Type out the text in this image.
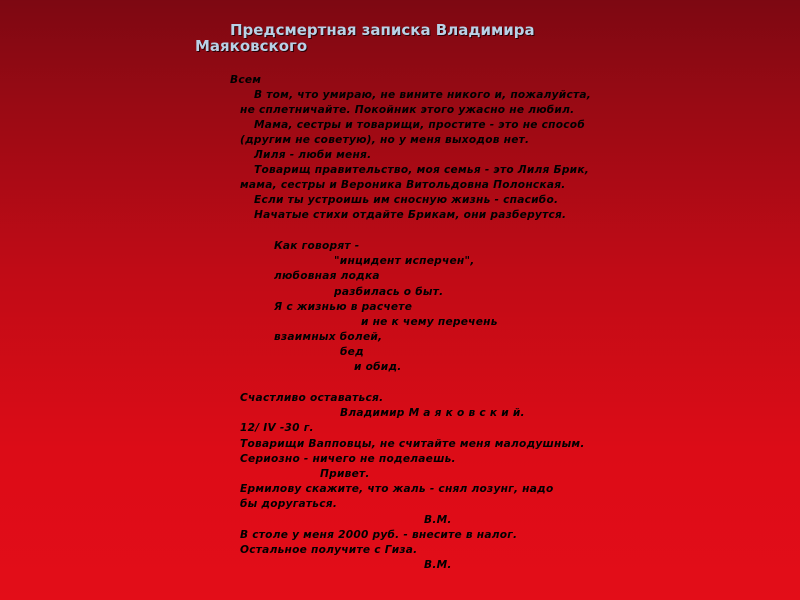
Предсмертная записка Владимира
Маяковского
Всем
В том, что умираю, не вините никого и, пожалуйста,
не сплетничайте. Покойник этого ужасно не любил.
Мама, сестры и товарищи, простите - это не способ
(другим не советую), но у меня выходов нет.
Лиля - люби меня.
Товарищ правительство, моя семья - это Лиля Брик,
мама, сестры и Вероника Витольдовна Полонская.
Если ты устроишь им сносную жизнь - спасибо.
Начатые стихи отдайте Брикам, они разберутся.
Как говорят -
"инцидент исперчен",
любовная лодка
разбилась о быт.
Я с жизнью в расчете
и не к чему перечень
взаимных болей,
бед
и обид.
Счастливо оставаться.
Владимир М а я к о в с к и й.
12/ IV -30 г.
Товарищи Вапповцы, не считайте меня малодушным.
Сериозно - ничего не поделаешь.
Привет.
Ермилову скажите, что жаль - снял лозунг, надо
бы доругаться.
В.М.
В столе у меня 2000 руб. - внесите в налог.
Остальное получите с Гиза.
В.М.
